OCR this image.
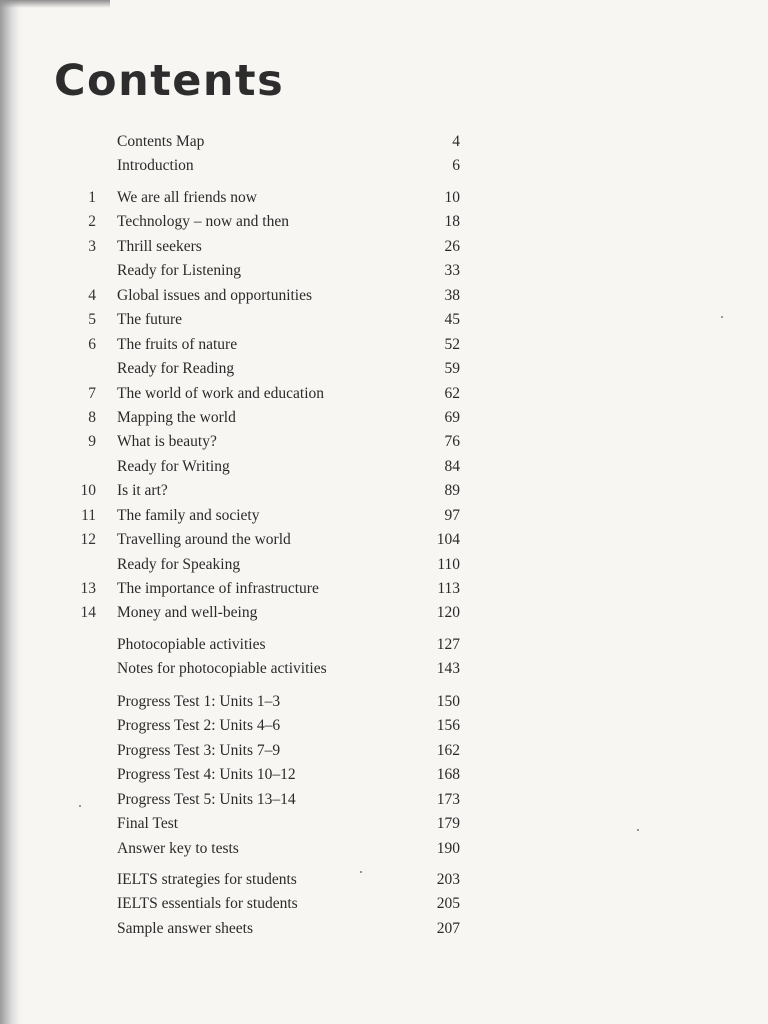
Contents
Contents Map	4
Introduction	6
1 We are all friends now	10
2 Technology – now and then	18
3 Thrill seekers	26
Ready for Listening	33
4 Global issues and opportunities	38
5 The future	45
6 The fruits of nature	52
Ready for Reading	59
7 The world of work and education	62
8 Mapping the world	69
9 What is beauty?	76
Ready for Writing	84
10 Is it art?	89
11 The family and society	97
12 Travelling around the world	104
Ready for Speaking	110
13 The importance of infrastructure	113
14 Money and well-being	120
Photocopiable activities	127
Notes for photocopiable activities	143
Progress Test 1: Units 1–3	150
Progress Test 2: Units 4–6	156
Progress Test 3: Units 7–9	162
Progress Test 4: Units 10–12	168
Progress Test 5: Units 13–14	173
Final Test	179
Answer key to tests	190
IELTS strategies for students	203
IELTS essentials for students	205
Sample answer sheets	207
